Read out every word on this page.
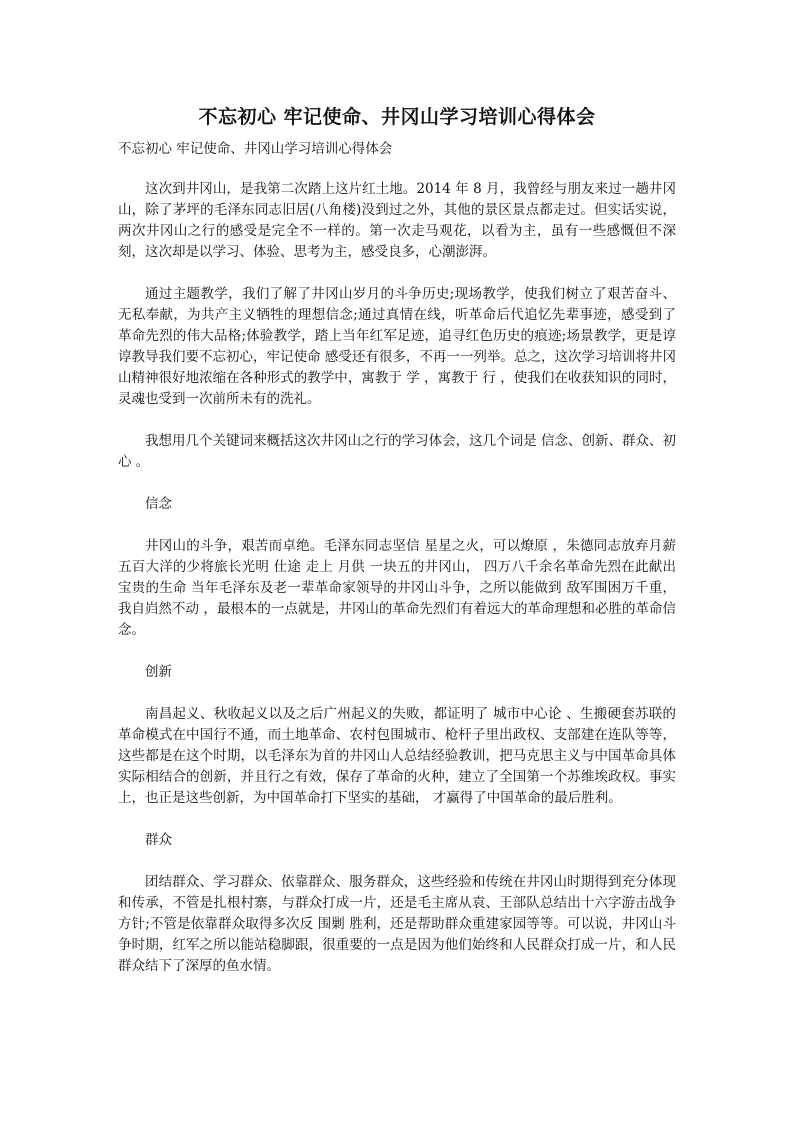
不忘初心 牢记使命、井冈山学习培训心得体会
不忘初心 牢记使命、井冈山学习培训心得体会

这次到井冈山，是我第二次踏上这片红土地。2014 年 8 月，我曾经与朋友来过一趟井冈山，除了茅坪的毛泽东同志旧居(八角楼)没到过之外，其他的景区景点都走过。但实话实说，两次井冈山之行的感受是完全不一样的。第一次走马观花，以看为主，虽有一些感慨但不深刻，这次却是以学习、体验、思考为主，感受良多，心潮澎湃。

通过主题教学，我们了解了井冈山岁月的斗争历史;现场教学，使我们树立了艰苦奋斗、无私奉献，为共产主义牺牲的理想信念;通过真情在线，听革命后代追忆先辈事迹，感受到了革命先烈的伟大品格;体验教学，踏上当年红军足迹，追寻红色历史的痕迹;场景教学，更是谆谆教导我们要不忘初心，牢记使命 感受还有很多，不再一一列举。总之，这次学习培训将井冈山精神很好地浓缩在各种形式的教学中，寓教于 学 ，寓教于 行 ，使我们在收获知识的同时，灵魂也受到一次前所未有的洗礼。

我想用几个关键词来概括这次井冈山之行的学习体会，这几个词是 信念、创新、群众、初心 。

信念

井冈山的斗争，艰苦而卓绝。毛泽东同志坚信 星星之火，可以燎原 ，朱德同志放弃月薪五百大洋的少将旅长光明 仕途 走上 月供 一块五的井冈山， 四万八千余名革命先烈在此献出宝贵的生命 当年毛泽东及老一辈革命家领导的井冈山斗争，之所以能做到 敌军围困万千重，我自岿然不动 ，最根本的一点就是，井冈山的革命先烈们有着远大的革命理想和必胜的革命信念。

创新

南昌起义、秋收起义以及之后广州起义的失败，都证明了 城市中心论 、生搬硬套苏联的革命模式在中国行不通，而土地革命、农村包围城市、枪杆子里出政权、支部建在连队等等，这些都是在这个时期，以毛泽东为首的井冈山人总结经验教训，把马克思主义与中国革命具体实际相结合的创新，并且行之有效，保存了革命的火种，建立了全国第一个苏维埃政权。事实上，也正是这些创新，为中国革命打下坚实的基础， 才赢得了中国革命的最后胜利。

群众

团结群众、学习群众、依靠群众、服务群众，这些经验和传统在井冈山时期得到充分体现和传承，不管是扎根村寨，与群众打成一片，还是毛主席从袁、王部队总结出十六字游击战争方针;不管是依靠群众取得多次反 围剿 胜利，还是帮助群众重建家园等等。可以说，井冈山斗争时期，红军之所以能站稳脚跟，很重要的一点是因为他们始终和人民群众打成一片，和人民群众结下了深厚的鱼水情。
